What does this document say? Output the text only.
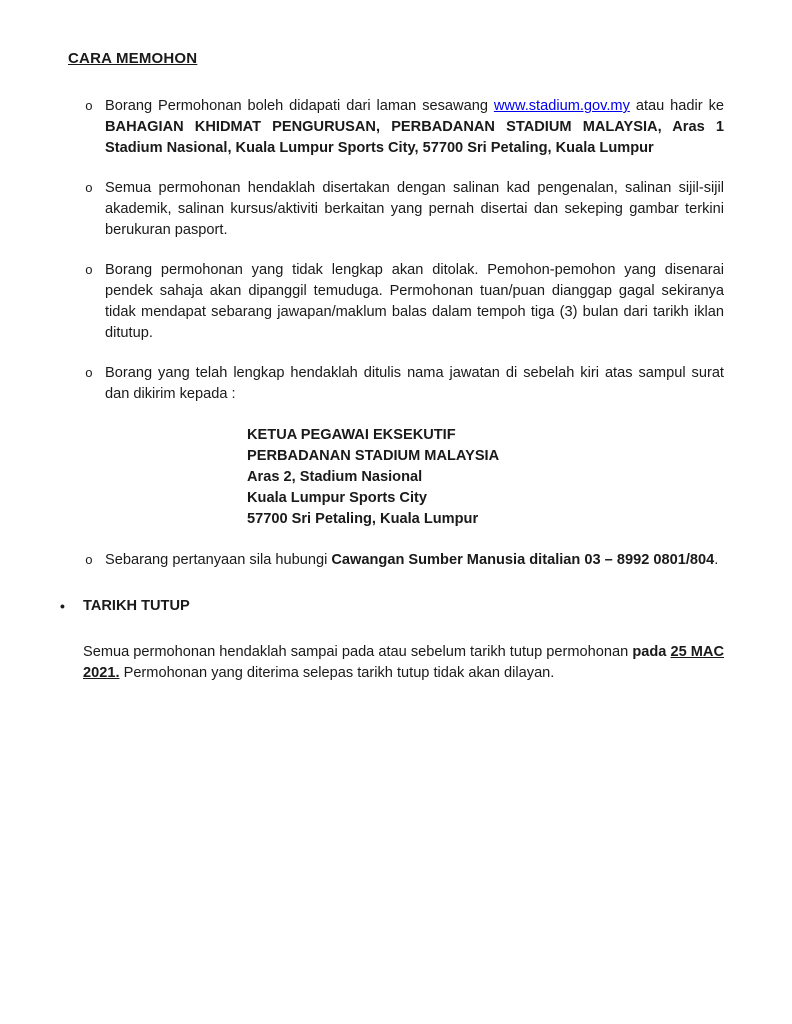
CARA MEMOHON
o Borang Permohonan boleh didapati dari laman sesawang www.stadium.gov.my atau hadir ke BAHAGIAN KHIDMAT PENGURUSAN, PERBADANAN STADIUM MALAYSIA, Aras 1 Stadium Nasional, Kuala Lumpur Sports City, 57700 Sri Petaling, Kuala Lumpur
o Semua permohonan hendaklah disertakan dengan salinan kad pengenalan, salinan sijil-sijil akademik, salinan kursus/aktiviti berkaitan yang pernah disertai dan sekeping gambar terkini berukuran pasport.
o Borang permohonan yang tidak lengkap akan ditolak. Pemohon-pemohon yang disenarai pendek sahaja akan dipanggil temuduga. Permohonan tuan/puan dianggap gagal sekiranya tidak mendapat sebarang jawapan/maklum balas dalam tempoh tiga (3) bulan dari tarikh iklan ditutup.
o Borang yang telah lengkap hendaklah ditulis nama jawatan di sebelah kiri atas sampul surat dan dikirim kepada :
KETUA PEGAWAI EKSEKUTIF
PERBADANAN STADIUM MALAYSIA
Aras 2, Stadium Nasional
Kuala Lumpur Sports City
57700 Sri Petaling, Kuala Lumpur
o Sebarang pertanyaan sila hubungi Cawangan Sumber Manusia ditalian 03 – 8992 0801/804.
•	TARIKH TUTUP
Semua permohonan hendaklah sampai pada atau sebelum tarikh tutup permohonan pada 25 MAC 2021. Permohonan yang diterima selepas tarikh tutup tidak akan dilayan.
